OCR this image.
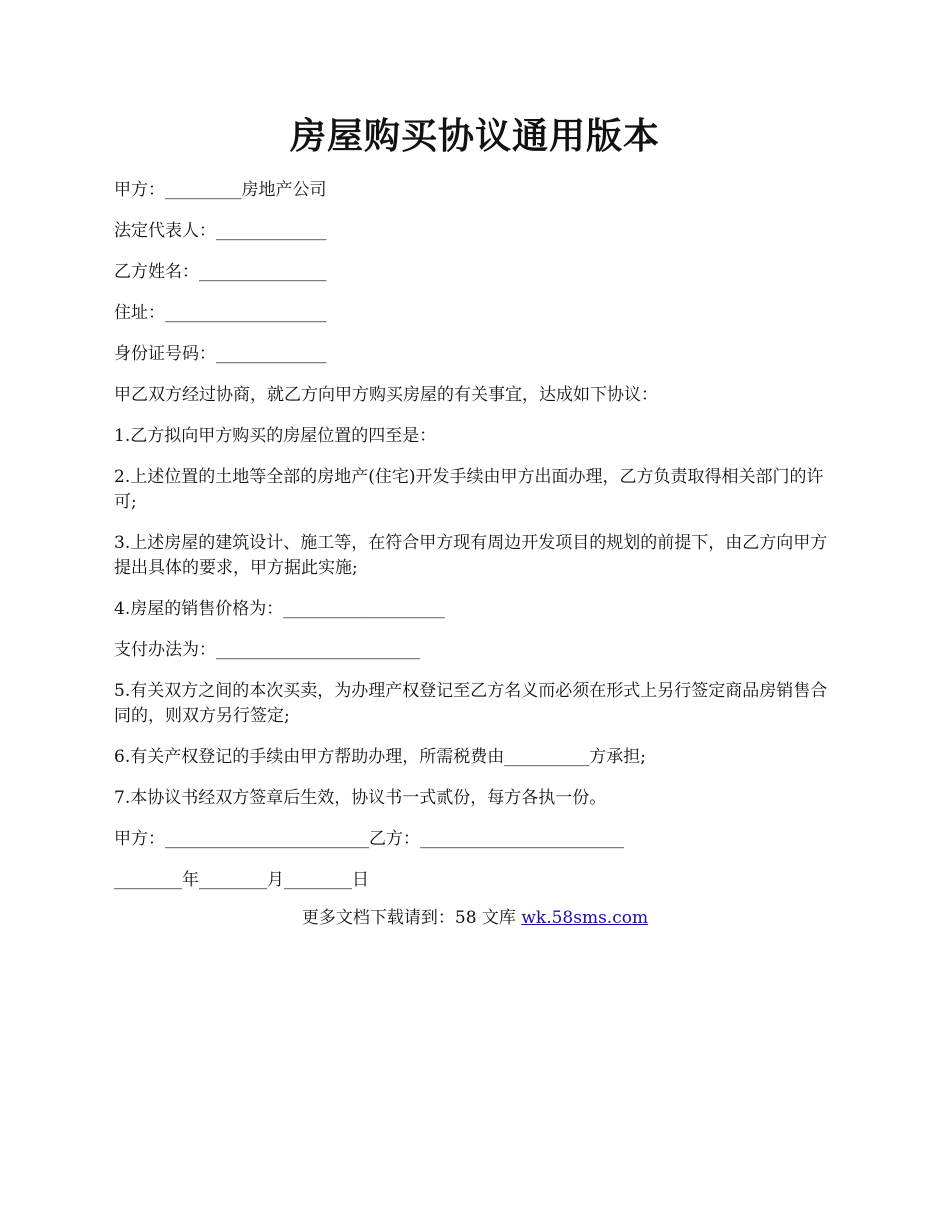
房屋购买协议通用版本
甲方：_________房地产公司
法定代表人：_____________
乙方姓名：_______________
住址：___________________
身份证号码：_____________
甲乙双方经过协商，就乙方向甲方购买房屋的有关事宜，达成如下协议：
1.乙方拟向甲方购买的房屋位置的四至是：
2.上述位置的土地等全部的房地产(住宅)开发手续由甲方出面办理，乙方负责取得相关部门的许可;
3.上述房屋的建筑设计、施工等，在符合甲方现有周边开发项目的规划的前提下，由乙方向甲方提出具体的要求，甲方据此实施;
4.房屋的销售价格为：___________________
支付办法为：________________________
5.有关双方之间的本次买卖，为办理产权登记至乙方名义而必须在形式上另行签定商品房销售合同的，则双方另行签定;
6.有关产权登记的手续由甲方帮助办理，所需税费由__________方承担;
7.本协议书经双方签章后生效，协议书一式贰份，每方各执一份。
甲方：________________________乙方：________________________
________年________月________日
更多文档下载请到：58 文库 wk.58sms.com
